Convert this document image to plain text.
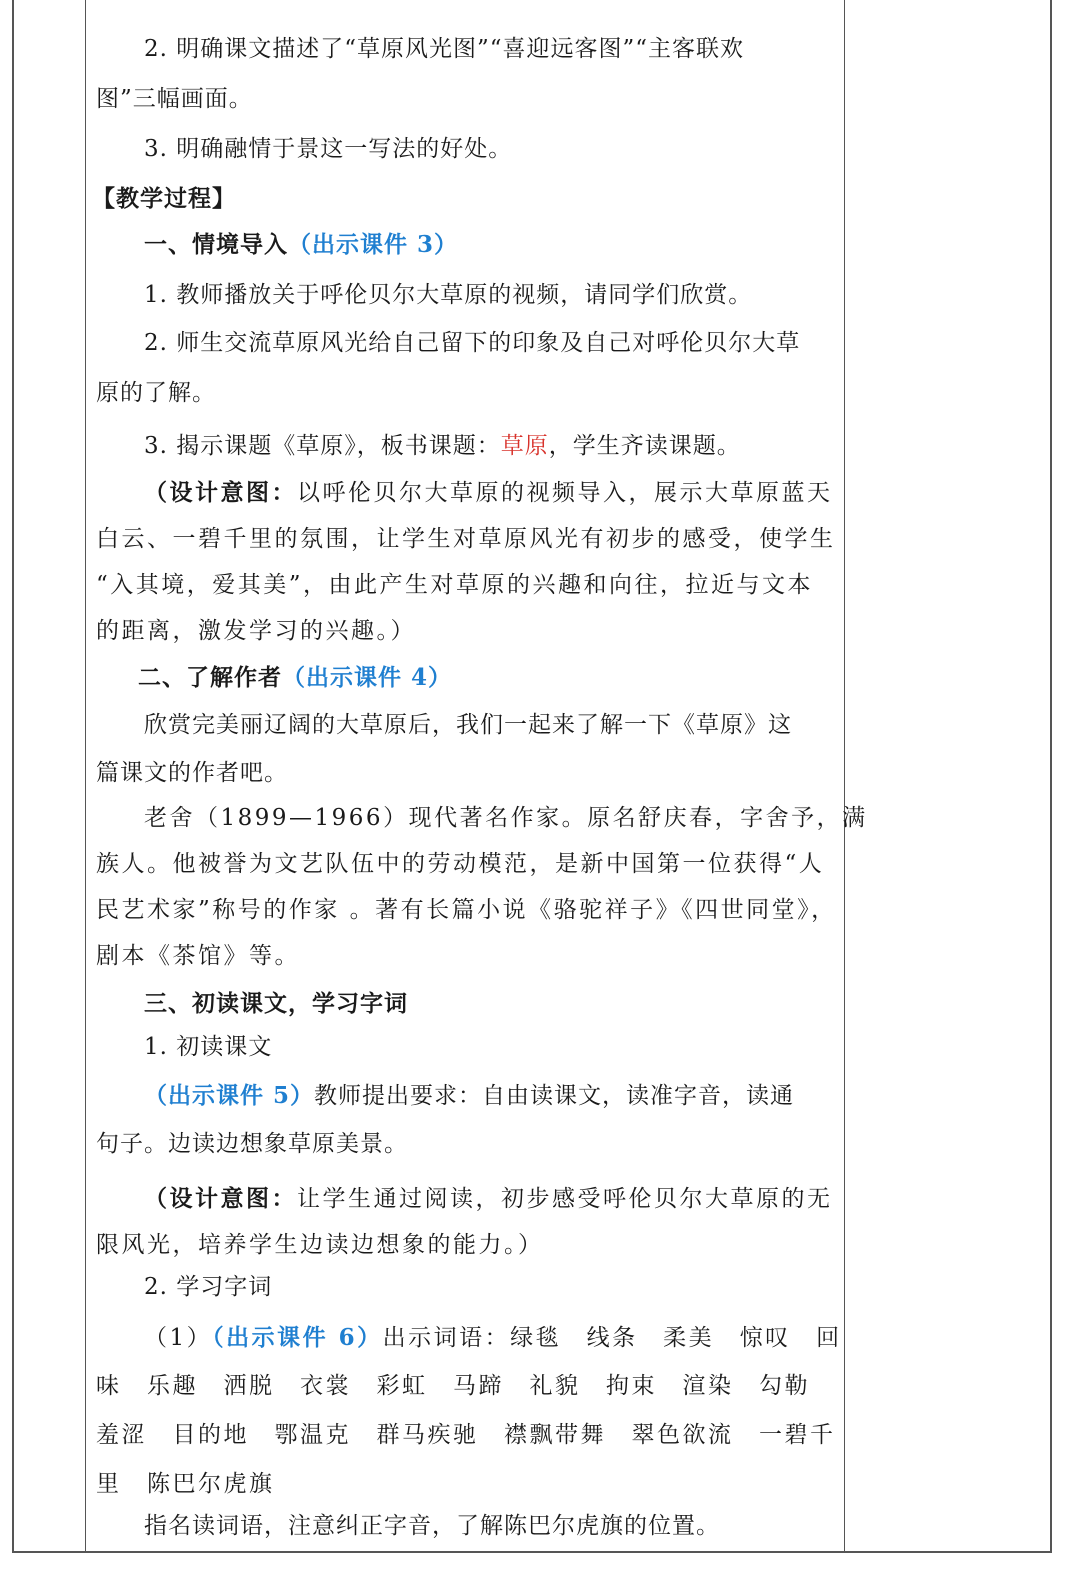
2. 明确课文描述了“草原风光图”“喜迎远客图”“主客联欢
图”三幅画面。
3. 明确融情于景这一写法的好处。
【教学过程】
一、情境导入（出示课件 3）
1. 教师播放关于呼伦贝尔大草原的视频，请同学们欣赏。
2. 师生交流草原风光给自己留下的印象及自己对呼伦贝尔大草
原的了解。
3. 揭示课题《草原》，板书课题：草原，学生齐读课题。
（设计意图：以呼伦贝尔大草原的视频导入，展示大草原蓝天
白云、一碧千里的氛围，让学生对草原风光有初步的感受，使学生
“入其境，爱其美”，由此产生对草原的兴趣和向往，拉近与文本
的距离，激发学习的兴趣。）
二、了解作者（出示课件 4）
欣赏完美丽辽阔的大草原后，我们一起来了解一下《草原》这
篇课文的作者吧。
老舍（1899—1966）现代著名作家。原名舒庆春，字舍予，满
族人。他被誉为文艺队伍中的劳动模范，是新中国第一位获得“人
民艺术家”称号的作家 。著有长篇小说《骆驼祥子》《四世同堂》，
剧本《茶馆》等。
三、初读课文，学习字词
1. 初读课文
（出示课件 5）教师提出要求：自由读课文，读准字音，读通
句子。边读边想象草原美景。
（设计意图：让学生通过阅读，初步感受呼伦贝尔大草原的无
限风光，培养学生边读边想象的能力。）
2. 学习字词
（1）（出示课件 6）出示词语：绿毯　线条　柔美　惊叹　回
味　乐趣　洒脱　衣裳　彩虹　马蹄　礼貌　拘束　渲染　勾勒
羞涩　目的地　鄂温克　群马疾驰　襟飘带舞　翠色欲流　一碧千
里　陈巴尔虎旗
指名读词语，注意纠正字音，了解陈巴尔虎旗的位置。
